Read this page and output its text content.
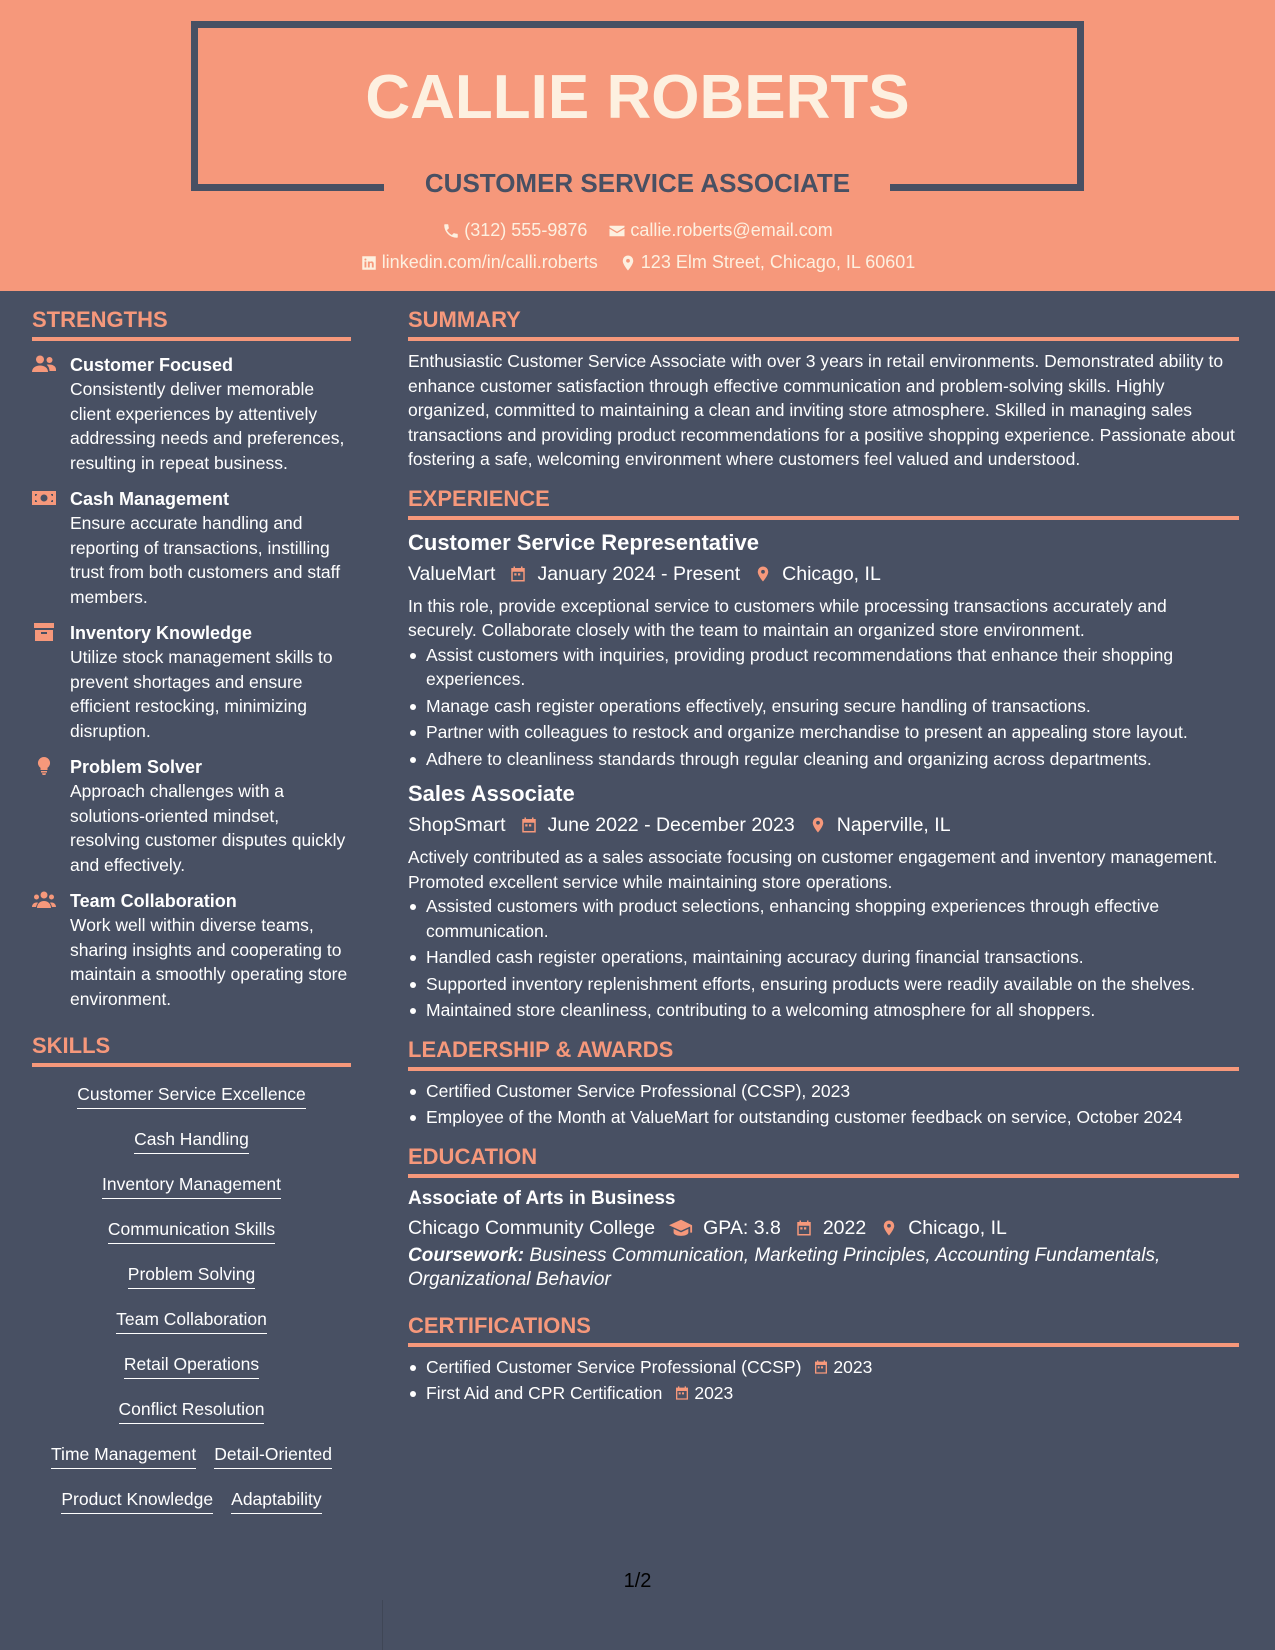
CALLIE ROBERTS
CUSTOMER SERVICE ASSOCIATE
(312) 555-9876
callie.roberts@email.com
linkedin.com/in/calli.roberts
123 Elm Street, Chicago, IL 60601
STRENGTHS
Customer Focused
Consistently deliver memorable client experiences by attentively addressing needs and preferences, resulting in repeat business.
Cash Management
Ensure accurate handling and reporting of transactions, instilling trust from both customers and staff members.
Inventory Knowledge
Utilize stock management skills to prevent shortages and ensure efficient restocking, minimizing disruption.
Problem Solver
Approach challenges with a solutions-oriented mindset, resolving customer disputes quickly and effectively.
Team Collaboration
Work well within diverse teams, sharing insights and cooperating to maintain a smoothly operating store environment.
SKILLS
Customer Service Excellence
Cash Handling
Inventory Management
Communication Skills
Problem Solving
Team Collaboration
Retail Operations
Conflict Resolution
Time Management Detail-Oriented
Product Knowledge Adaptability
SUMMARY
Enthusiastic Customer Service Associate with over 3 years in retail environments. Demonstrated ability to enhance customer satisfaction through effective communication and problem-solving skills. Highly organized, committed to maintaining a clean and inviting store atmosphere. Skilled in managing sales transactions and providing product recommendations for a positive shopping experience. Passionate about fostering a safe, welcoming environment where customers feel valued and understood.
EXPERIENCE
Customer Service Representative
ValueMart January 2024 - Present Chicago, IL
In this role, provide exceptional service to customers while processing transactions accurately and securely. Collaborate closely with the team to maintain an organized store environment.
Assist customers with inquiries, providing product recommendations that enhance their shopping experiences.
Manage cash register operations effectively, ensuring secure handling of transactions.
Partner with colleagues to restock and organize merchandise to present an appealing store layout.
Adhere to cleanliness standards through regular cleaning and organizing across departments.
Sales Associate
ShopSmart June 2022 - December 2023 Naperville, IL
Actively contributed as a sales associate focusing on customer engagement and inventory management. Promoted excellent service while maintaining store operations.
Assisted customers with product selections, enhancing shopping experiences through effective communication.
Handled cash register operations, maintaining accuracy during financial transactions.
Supported inventory replenishment efforts, ensuring products were readily available on the shelves.
Maintained store cleanliness, contributing to a welcoming atmosphere for all shoppers.
LEADERSHIP & AWARDS
Certified Customer Service Professional (CCSP), 2023
Employee of the Month at ValueMart for outstanding customer feedback on service, October 2024
EDUCATION
Associate of Arts in Business
Chicago Community College GPA: 3.8 2022 Chicago, IL
Coursework: Business Communication, Marketing Principles, Accounting Fundamentals, Organizational Behavior
CERTIFICATIONS
Certified Customer Service Professional (CCSP) 2023
First Aid and CPR Certification 2023
1/2
